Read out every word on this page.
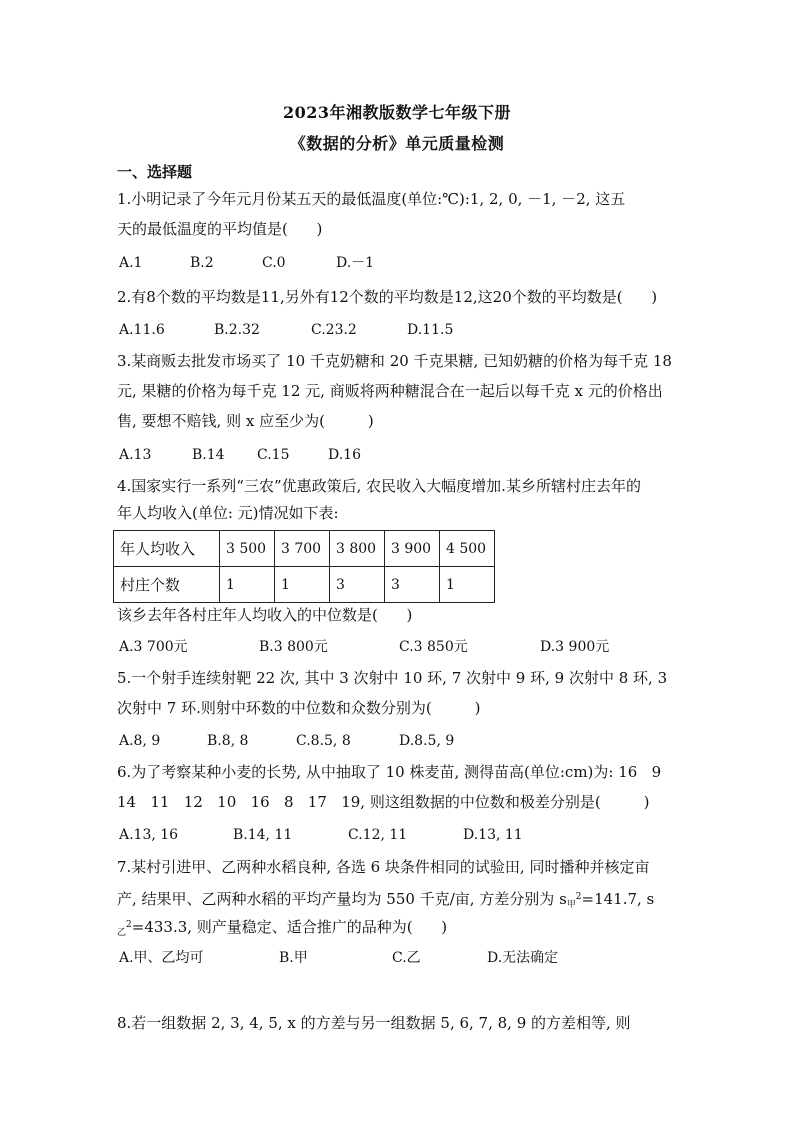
2023年湘教版数学七年级下册
《数据的分析》单元质量检测
一、选择题
1.小明记录了今年元月份某五天的最低温度(单位:℃):1, 2, 0, －1, －2, 这五
天的最低温度的平均值是(      )
A.1	B.2	C.0	D.－1
2.有8个数的平均数是11,另外有12个数的平均数是12,这20个数的平均数是(      )
A.11.6	B.2.32	C.23.2	D.11.5
3.某商贩去批发市场买了 10 千克奶糖和 20 千克果糖, 已知奶糖的价格为每千克 18
元, 果糖的价格为每千克 12 元, 商贩将两种糖混合在一起后以每千克 x 元的价格出
售, 要想不赔钱, 则 x 应至少为(         )
A.13	B.14 C.15	D.16
4.国家实行一系列“三农”优惠政策后, 农民收入大幅度增加.某乡所辖村庄去年的
年人均收入(单位: 元)情况如下表:
年人均收入	3 500	3 700	3 800	3 900	4 500
村庄个数	1	1	3	3	1
该乡去年各村庄年人均收入的中位数是(      )
A.3 700元	B.3 800元	C.3 850元	D.3 900元
5.一个射手连续射靶 22 次, 其中 3 次射中 10 环, 7 次射中 9 环, 9 次射中 8 环, 3
次射中 7 环.则射中环数的中位数和众数分别为(         )
A.8, 9	B.8, 8	C.8.5, 8	D.8.5, 9
6.为了考察某种小麦的长势, 从中抽取了 10 株麦苗, 测得苗高(单位:cm)为: 16   9
14   11   12   10   16   8   17   19, 则这组数据的中位数和极差分别是(         )
A.13, 16	B.14, 11	C.12, 11	D.13, 11
7.某村引进甲、乙两种水稻良种, 各选 6 块条件相同的试验田, 同时播种并核定亩
产, 结果甲、乙两种水稻的平均产量均为 550 千克/亩, 方差分别为 $s_甲^2=141.7$, s
$_乙^2$=433.3, 则产量稳定、适合推广的品种为(      )
A.甲、乙均可	B.甲	C.乙	D.无法确定
8.若一组数据 2, 3, 4, 5, x 的方差与另一组数据 5, 6, 7, 8, 9 的方差相等, 则
